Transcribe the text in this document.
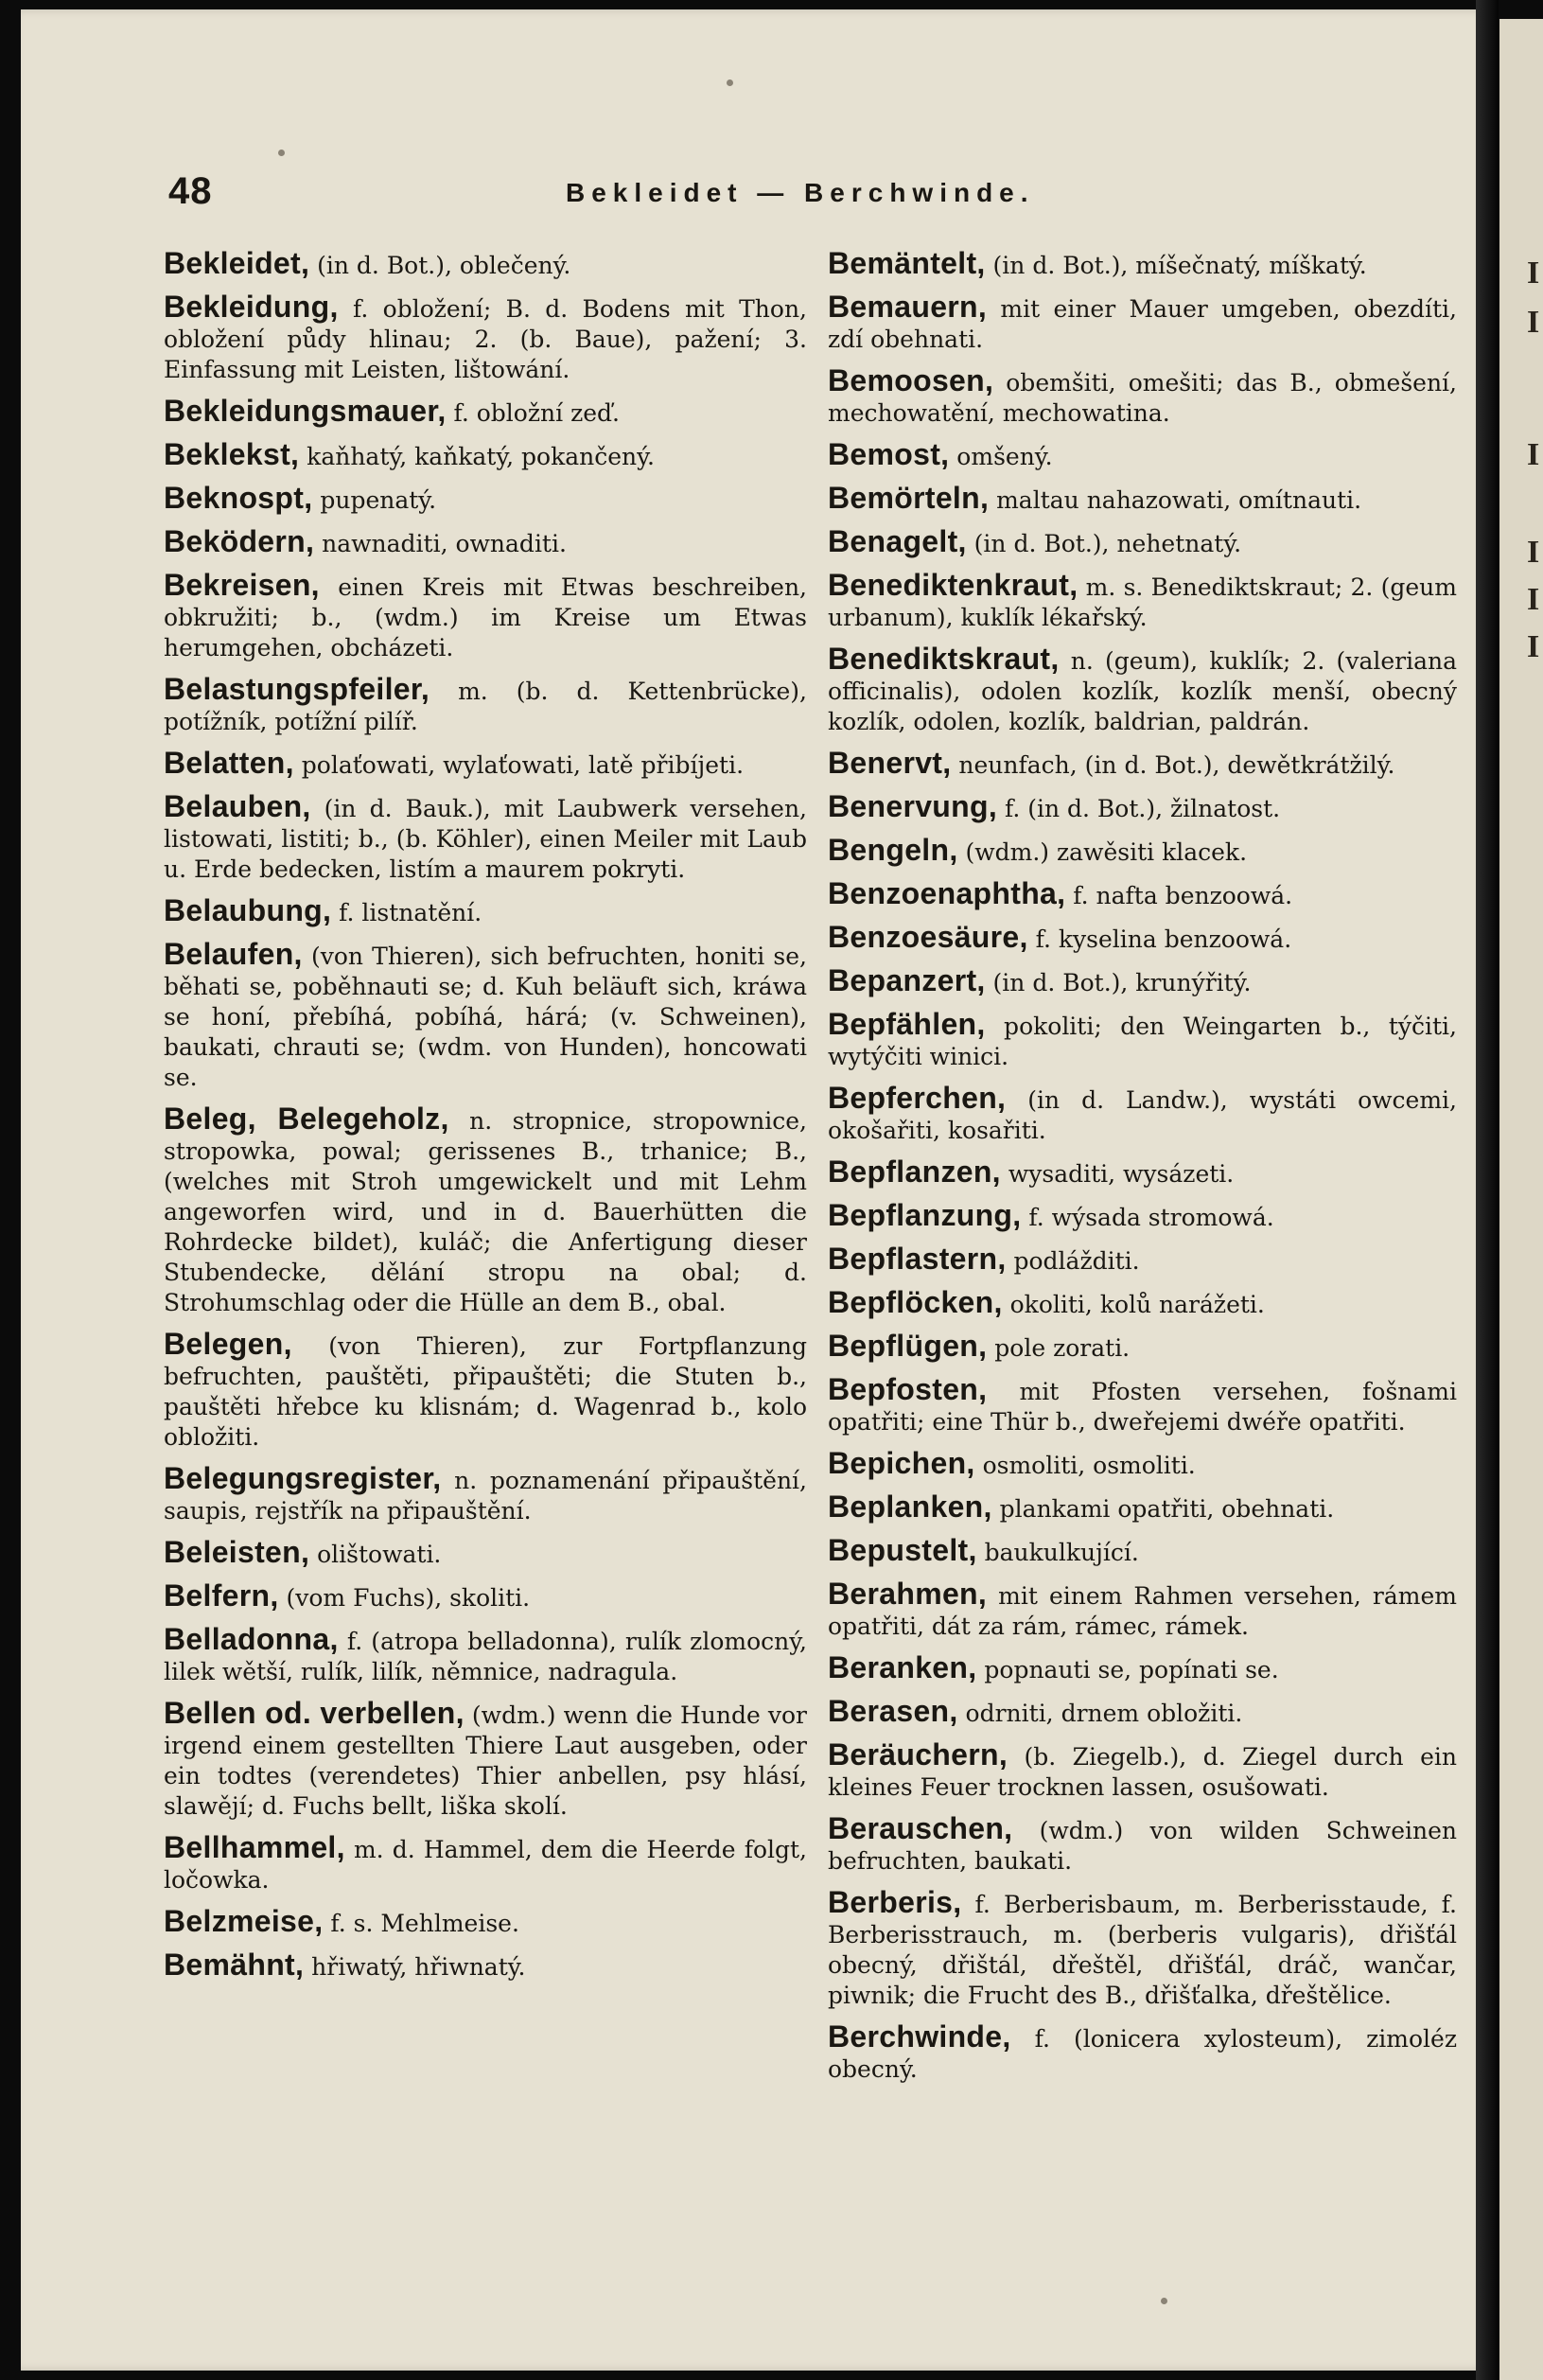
I
I
I
I
I
I
48	Bekleidet — Berchwinde.
Bekleidet, (in d. Bot.), oblečený.
Bekleidung, f. obložení; B. d. Bodens mit Thon, obložení půdy hlinau; 2. (b. Baue), pažení; 3. Einfassung mit Leisten, lištowání.
Bekleidungsmauer, f. obložní zeď.
Beklekst, kaňhatý, kaňkatý, pokančený.
Beknospt, pupenatý.
Beködern, nawnaditi, ownaditi.
Bekreisen, einen Kreis mit Etwas beschreiben, obkružiti; b., (wdm.) im Kreise um Etwas herumgehen, obcházeti.
Belastungspfeiler, m. (b. d. Kettenbrücke), potížník, potížní pilíř.
Belatten, polaťowati, wylaťowati, latě přibíjeti.
Belauben, (in d. Bauk.), mit Laubwerk versehen, listowati, listiti; b., (b. Köhler), einen Meiler mit Laub u. Erde bedecken, listím a maurem pokryti.
Belaubung, f. listnatění.
Belaufen, (von Thieren), sich befruchten, honiti se, běhati se, poběhnauti se; d. Kuh beläuft sich, kráwa se honí, přebíhá, pobíhá, hárá; (v. Schweinen), baukati, chrauti se; (wdm. von Hunden), honcowati se.
Beleg, Belegeholz, n. stropnice, stropownice, stropowka, powal; gerissenes B., trhanice; B., (welches mit Stroh umgewickelt und mit Lehm angeworfen wird, und in d. Bauerhütten die Rohrdecke bildet), kuláč; die Anfertigung dieser Stubendecke, dělání stropu na obal; d. Strohumschlag oder die Hülle an dem B., obal.
Belegen, (von Thieren), zur Fortpflanzung befruchten, pauštěti, připauštěti; die Stuten b., pauštěti hřebce ku klisnám; d. Wagenrad b., kolo obložiti.
Belegungsregister, n. poznamenání připauštění, saupis, rejstřík na připauštění.
Beleisten, olištowati.
Belfern, (vom Fuchs), skoliti.
Belladonna, f. (atropa belladonna), rulík zlomocný, lilek wětší, rulík, lilík, němnice, nadragula.
Bellen od. verbellen, (wdm.) wenn die Hunde vor irgend einem gestellten Thiere Laut ausgeben, oder ein todtes (verendetes) Thier anbellen, psy hlásí, slawějí; d. Fuchs bellt, liška skolí.
Bellhammel, m. d. Hammel, dem die Heerde folgt, ločowka.
Belzmeise, f. s. Mehlmeise.
Bemähnt, hřiwatý, hřiwnatý.
Bemäntelt, (in d. Bot.), míšečnatý, míškatý.
Bemauern, mit einer Mauer umgeben, obezdíti, zdí obehnati.
Bemoosen, obemšiti, omešiti; das B., obmešení, mechowatění, mechowatina.
Bemost, omšený.
Bemörteln, maltau nahazowati, omítnauti.
Benagelt, (in d. Bot.), nehetnatý.
Benediktenkraut, m. s. Benediktskraut; 2. (geum urbanum), kuklík lékařský.
Benediktskraut, n. (geum), kuklík; 2. (valeriana officinalis), odolen kozlík, kozlík menší, obecný kozlík, odolen, kozlík, baldrian, paldrán.
Benervt, neunfach, (in d. Bot.), dewětkrátžilý.
Benervung, f. (in d. Bot.), žilnatost.
Bengeln, (wdm.) zawěsiti klacek.
Benzoenaphtha, f. nafta benzoowá.
Benzoesäure, f. kyselina benzoowá.
Bepanzert, (in d. Bot.), krunýřitý.
Bepfählen, pokoliti; den Weingarten b., týčiti, wytýčiti winici.
Bepferchen, (in d. Landw.), wystáti owcemi, okošařiti, kosařiti.
Bepflanzen, wysaditi, wysázeti.
Bepflanzung, f. wýsada stromowá.
Bepflastern, podlážditi.
Bepflöcken, okoliti, kolů narážeti.
Bepflügen, pole zorati.
Bepfosten, mit Pfosten versehen, fošnami opatřiti; eine Thür b., dweřejemi dwéře opatřiti.
Bepichen, osmoliti, osmoliti.
Beplanken, plankami opatřiti, obehnati.
Bepustelt, baukulkující.
Berahmen, mit einem Rahmen versehen, rámem opatřiti, dát za rám, rámec, rámek.
Beranken, popnauti se, popínati se.
Berasen, odrniti, drnem obložiti.
Beräuchern, (b. Ziegelb.), d. Ziegel durch ein kleines Feuer trocknen lassen, osušowati.
Berauschen, (wdm.) von wilden Schweinen befruchten, baukati.
Berberis, f. Berberisbaum, m. Berberisstaude, f. Berberisstrauch, m. (berberis vulgaris), dřišťál obecný, dřištál, dřeštěl, dřišťál, dráč, wančar, piwnik; die Frucht des B., dřišťalka, dřeštělice.
Berchwinde, f. (lonicera xylosteum), zimoléz obecný.
